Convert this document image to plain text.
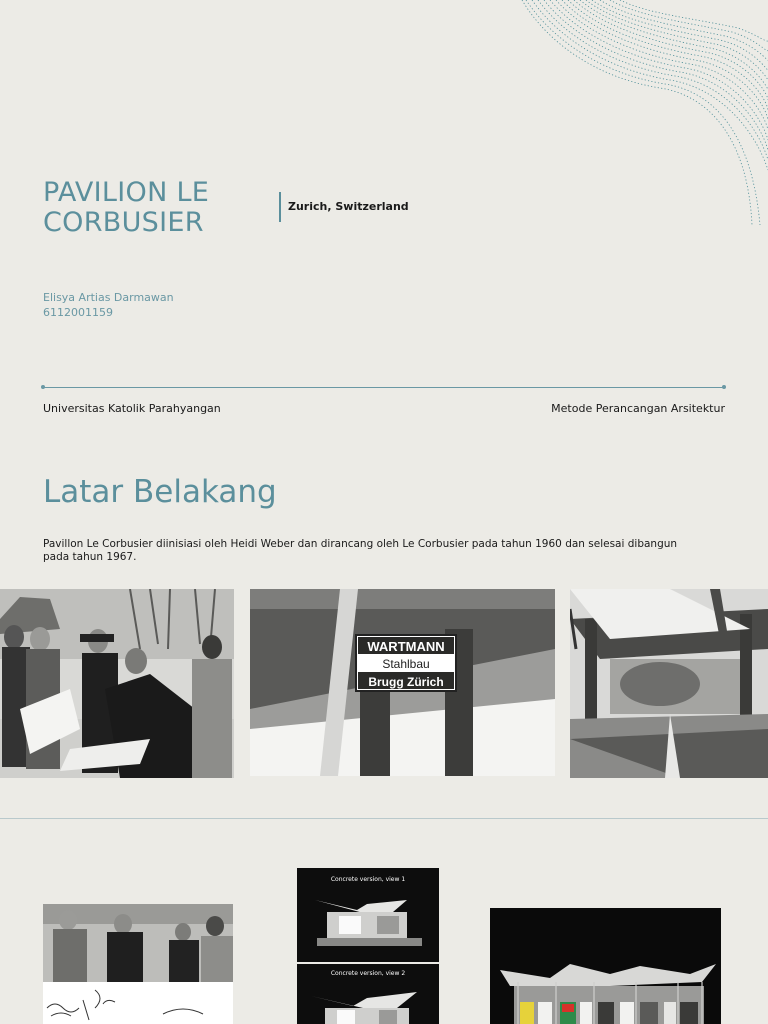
PAVILION LE CORBUSIER
Zurich, Switzerland
Elisya Artias Darmawan
6112001159
Universitas Katolik Parahyangan	Metode Perancangan Arsitektur
Latar Belakang
Pavillon Le Corbusier diinisiasi oleh Heidi Weber dan dirancang oleh Le Corbusier pada tahun 1960 dan selesai dibangun pada tahun 1967.
WARTMANN
Stahlbau
Brugg Zürich
Concrete version, view 1
Concrete version, view 2
